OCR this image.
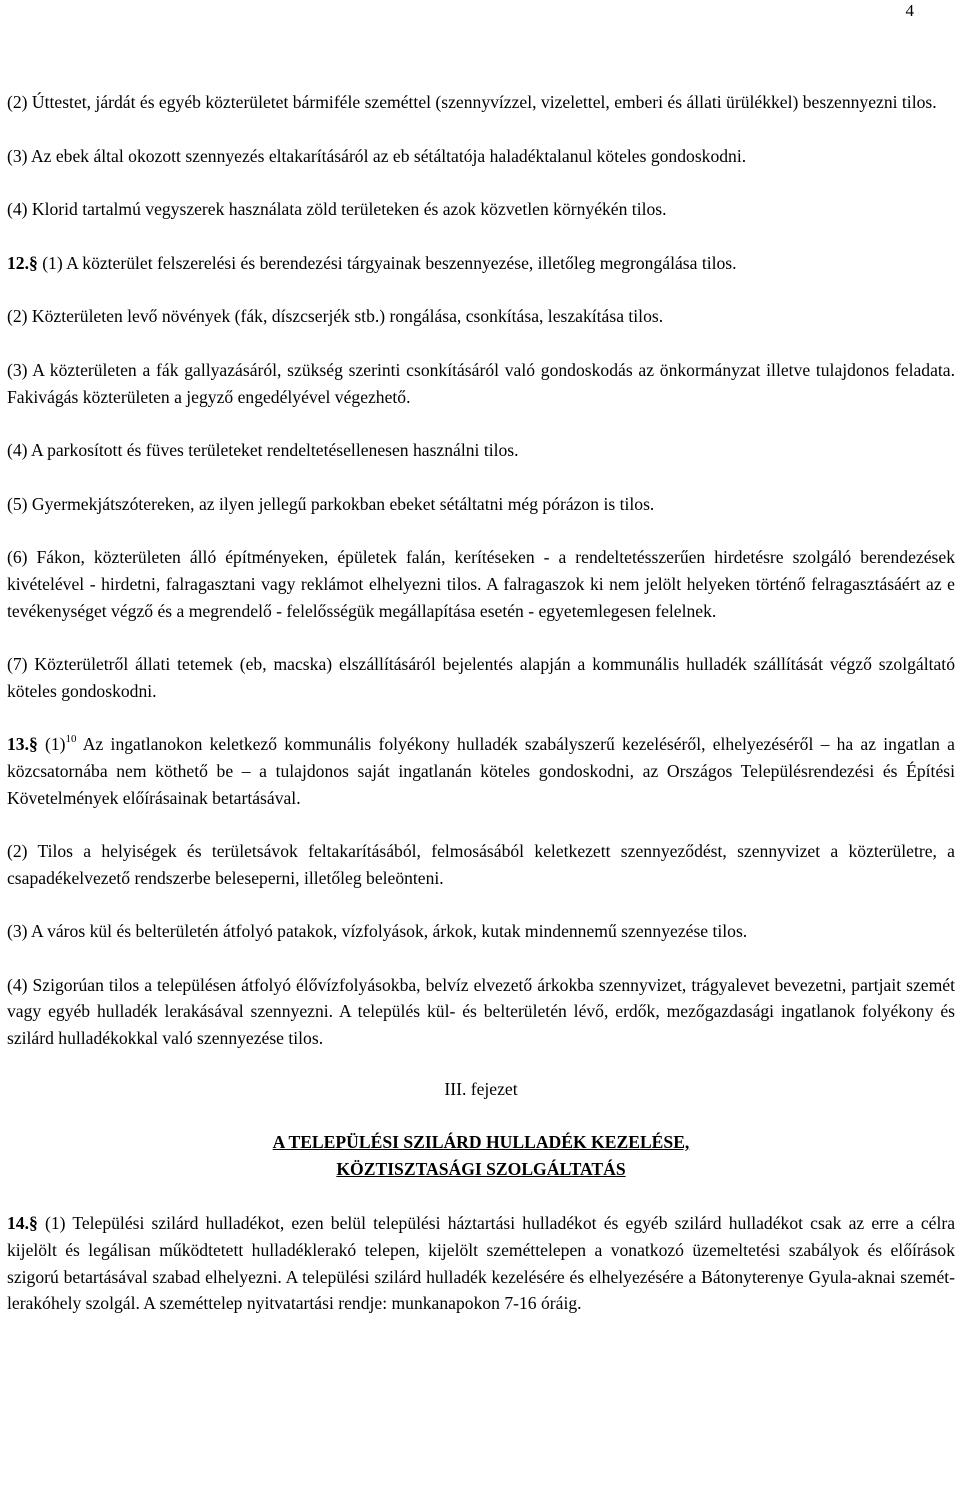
4

(2) Úttestet, járdát és egyéb közterületet bármiféle szeméttel (szennyvízzel, vizelettel, emberi és állati ürülékkel) beszennyezni tilos.

(3) Az ebek által okozott szennyezés eltakarításáról az eb sétáltatója haladéktalanul köteles gondoskodni.

(4) Klorid tartalmú vegyszerek használata zöld területeken és azok közvetlen környékén tilos.

12.§ (1) A közterület felszerelési és berendezési tárgyainak beszennyezése, illetőleg megrongálása tilos.

(2) Közterületen levő növények (fák, díszcserjék stb.) rongálása, csonkítása, leszakítása tilos.

(3) A közterületen a fák gallyazásáról, szükség szerinti csonkításáról való gondoskodás az önkormányzat illetve tulajdonos feladata. Fakivágás közterületen a jegyző engedélyével végezhető.

(4) A parkosított és füves területeket rendeltetésellenesen használni tilos.

(5) Gyermekjátszótereken, az ilyen jellegű parkokban ebeket sétáltatni még pórázon is tilos.

(6) Fákon, közterületen álló építményeken, épületek falán, kerítéseken - a rendeltetésszerűen hirdetésre szolgáló berendezések kivételével - hirdetni, falragasztani vagy reklámot elhelyezni tilos. A falragaszok ki nem jelölt helyeken történő felragasztásáért az e tevékenységet végző és a megrendelő - felelősségük megállapítása esetén - egyetemlegesen felelnek.

(7) Közterületről állati tetemek (eb, macska) elszállításáról bejelentés alapján a kommunális hulladék szállítását végző szolgáltató köteles gondoskodni.

13.§ $(1)^{10}$ Az ingatlanokon keletkező kommunális folyékony hulladék szabályszerű kezeléséről, elhelyezéséről ‒ ha az ingatlan a közcsatornába nem köthető be ‒ a tulajdonos saját ingatlanán köteles gondoskodni, az Országos Településrendezési és Építési Követelmények előírásainak betartásával.

(2) Tilos a helyiségek és területsávok feltakarításából, felmosásából keletkezett szennyeződést, szennyvizet a közterületre, a csapadékelvezető rendszerbe beleseperni, illetőleg beleönteni.

(3) A város kül és belterületén átfolyó patakok, vízfolyások, árkok, kutak mindennemű szennyezése tilos.

(4) Szigorúan tilos a településen átfolyó élővízfolyásokba, belvíz elvezető árkokba szennyvizet, trágyalevet bevezetni, partjait szemét vagy egyéb hulladék lerakásával szennyezni. A település kül- és belterületén lévő, erdők, mezőgazdasági ingatlanok folyékony és szilárd hulladékokkal való szennyezése tilos.

III. fejezet

A TELEPÜLÉSI SZILÁRD HULLADÉK KEZELÉSE,

KÖZTISZTASÁGI SZOLGÁLTATÁS

14.§ (1) Települési szilárd hulladékot, ezen belül települési háztartási hulladékot és egyéb szilárd hulladékot csak az erre a célra kijelölt és legálisan működtetett hulladéklerakó telepen, kijelölt szeméttelepen a vonatkozó üzemeltetési szabályok és előírások szigorú betartásával szabad elhelyezni. A települési szilárd hulladék kezelésére és elhelyezésére a Bátonyterenye Gyula-aknai szemét-

lerakóhely szolgál. A szeméttelep nyitvatartási rendje: munkanapokon 7-16 óráig.
